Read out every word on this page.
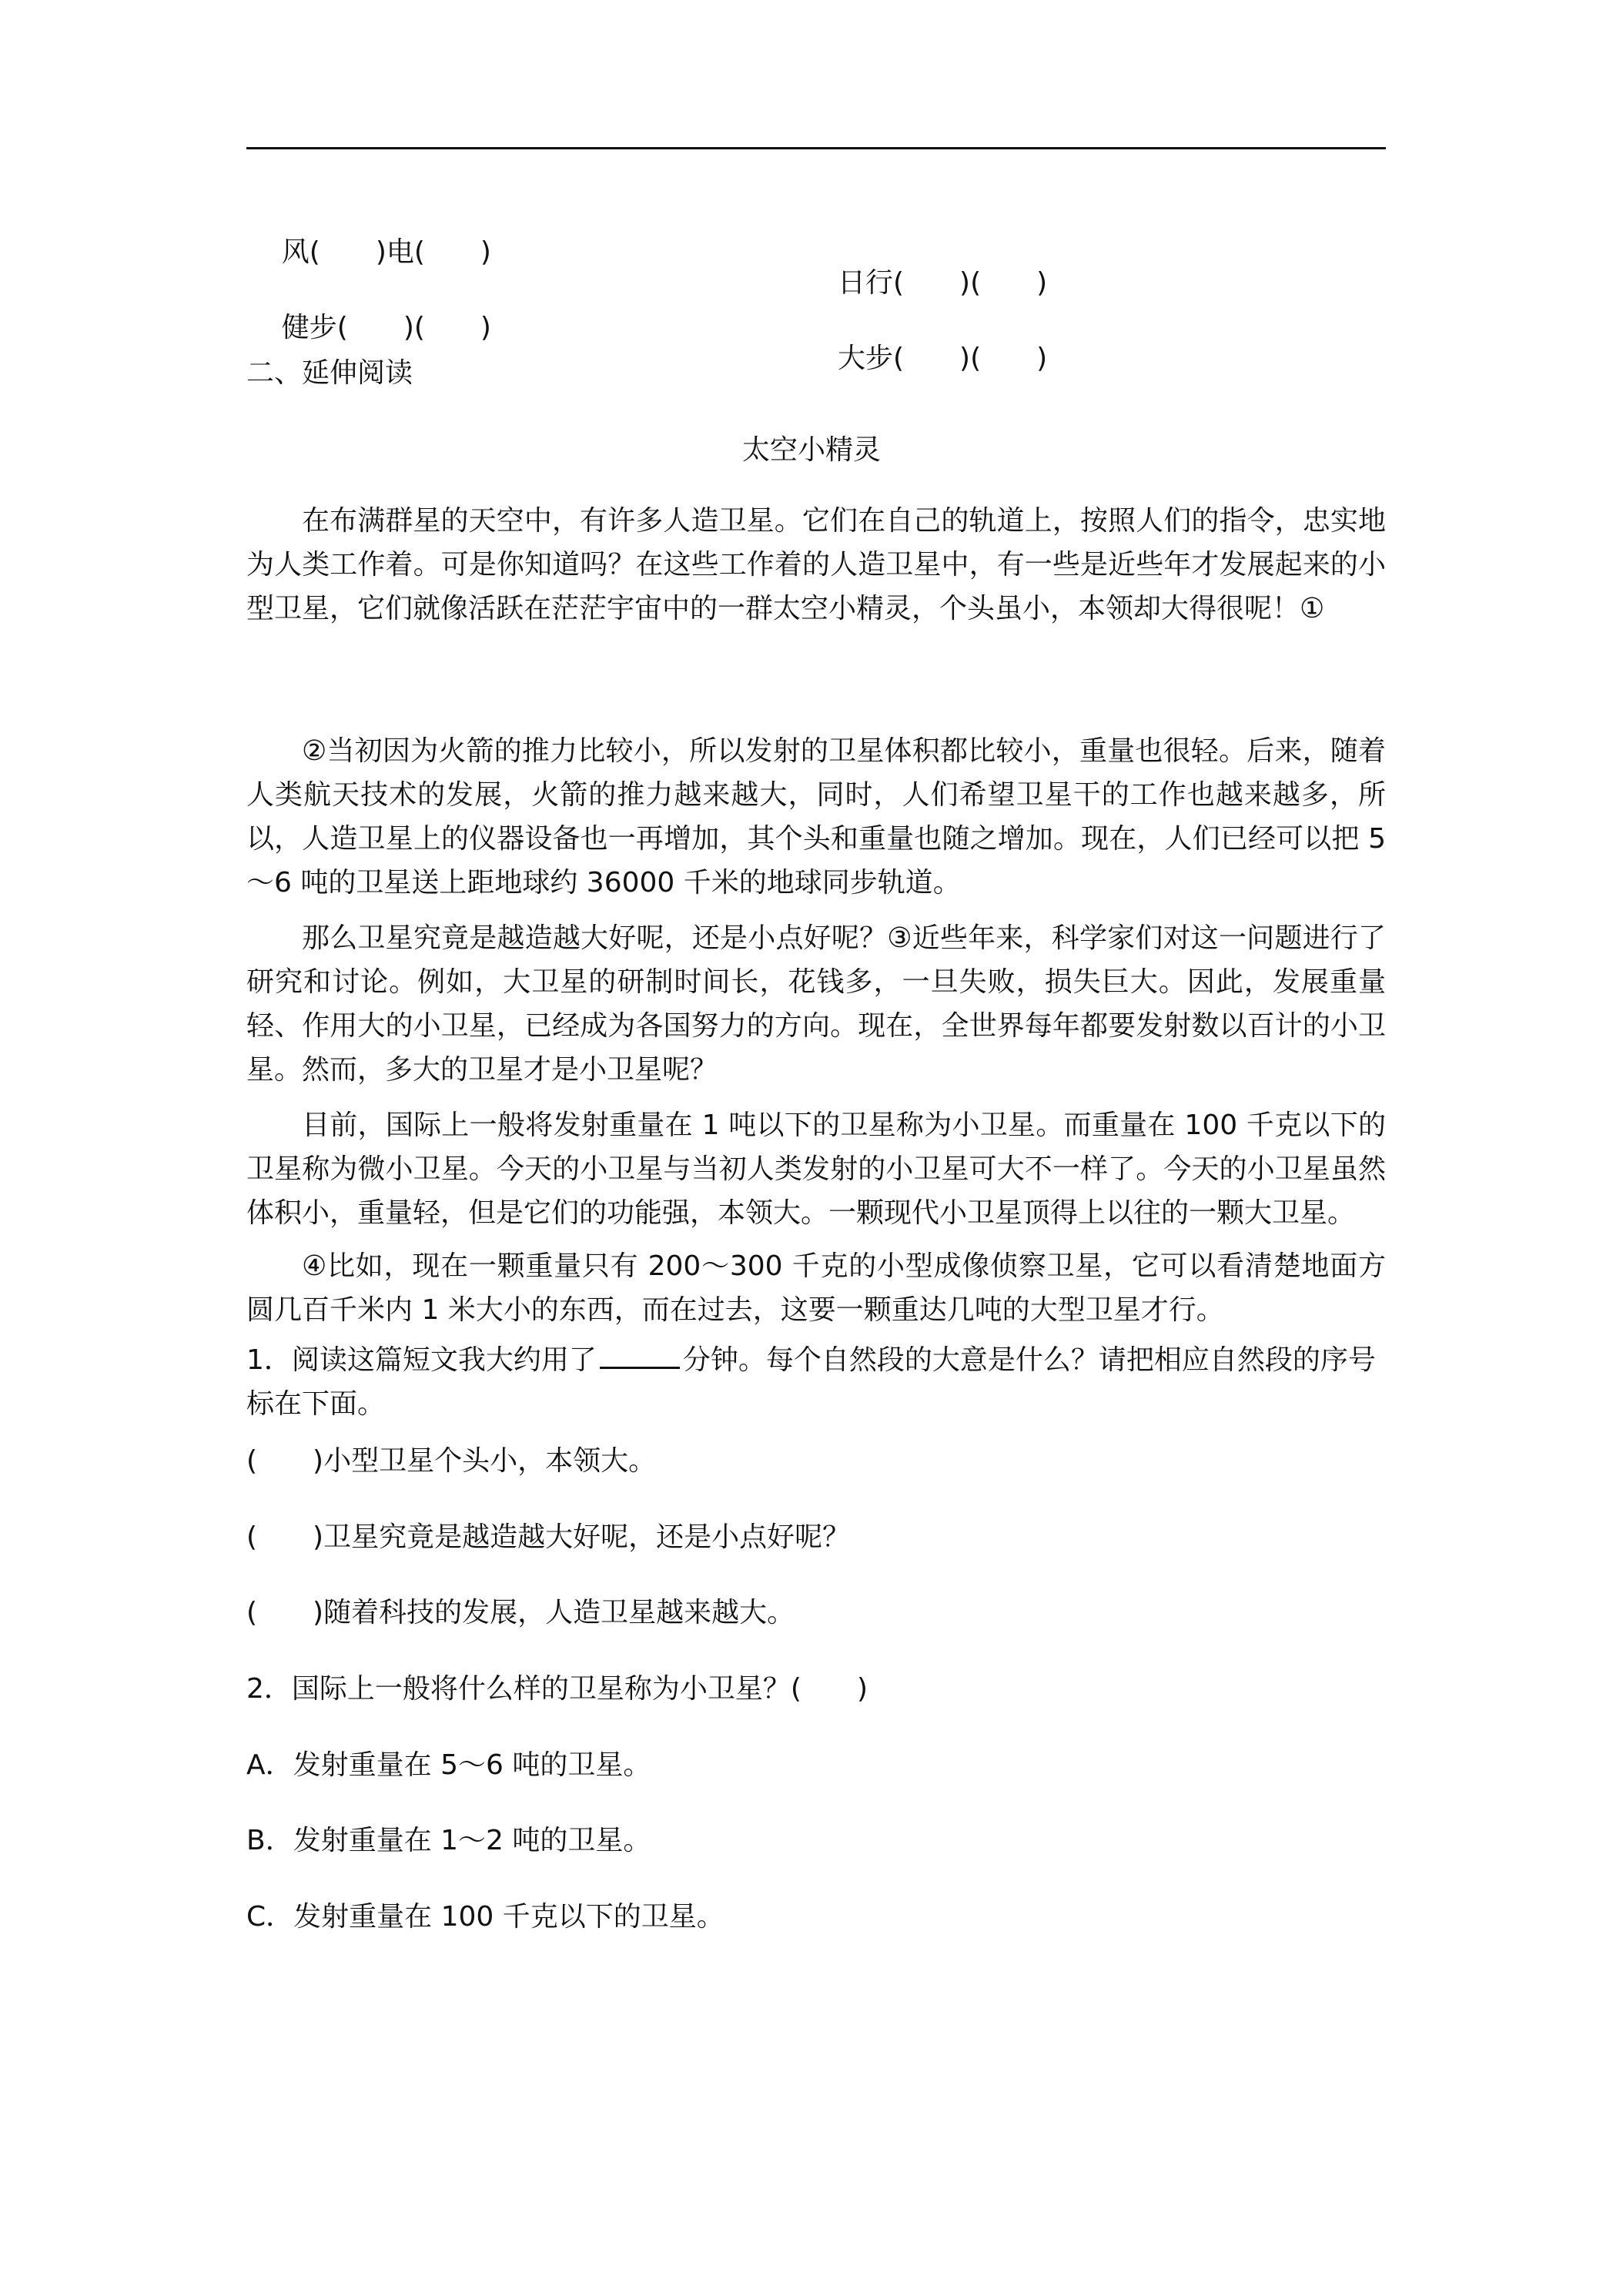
风(　　)电(　　)

日行(　　)(　　)

健步(　　)(　　)

大步(　　)(　　)

二、延伸阅读
太空小精灵

在布满群星的天空中，有许多人造卫星。它们在自己的轨道上，按照人们的指令，忠实地为人类工作着。可是你知道吗？在这些工作着的人造卫星中，有一些是近些年才发展起来的小型卫星，它们就像活跃在茫茫宇宙中的一群太空小精灵，个头虽小，本领却大得很呢！①

②当初因为火箭的推力比较小，所以发射的卫星体积都比较小，重量也很轻。后来，随着人类航天技术的发展，火箭的推力越来越大，同时，人们希望卫星干的工作也越来越多，所以，人造卫星上的仪器设备也一再增加，其个头和重量也随之增加。现在，人们已经可以把 5～6 吨的卫星送上距地球约 36000 千米的地球同步轨道。

那么卫星究竟是越造越大好呢，还是小点好呢？③近些年来，科学家们对这一问题进行了研究和讨论。例如，大卫星的研制时间长，花钱多，一旦失败，损失巨大。因此，发展重量轻、作用大的小卫星，已经成为各国努力的方向。现在，全世界每年都要发射数以百计的小卫星。然而，多大的卫星才是小卫星呢？

目前，国际上一般将发射重量在 1 吨以下的卫星称为小卫星。而重量在 100 千克以下的卫星称为微小卫星。今天的小卫星与当初人类发射的小卫星可大不一样了。今天的小卫星虽然体积小，重量轻，但是它们的功能强，本领大。一颗现代小卫星顶得上以往的一颗大卫星。

④比如，现在一颗重量只有 200～300 千克的小型成像侦察卫星，它可以看清楚地面方圆几百千米内 1 米大小的东西，而在过去，这要一颗重达几吨的大型卫星才行。

1．阅读这篇短文我大约用了	分钟。每个自然段的大意是什么？请把相应自然段的序号标在下面。

(　　)小型卫星个头小，本领大。
(　　)卫星究竟是越造越大好呢，还是小点好呢？
(　　)随着科技的发展，人造卫星越来越大。
2．国际上一般将什么样的卫星称为小卫星？(　　)
A．发射重量在 5～6 吨的卫星。
B．发射重量在 1～2 吨的卫星。
C．发射重量在 100 千克以下的卫星。
